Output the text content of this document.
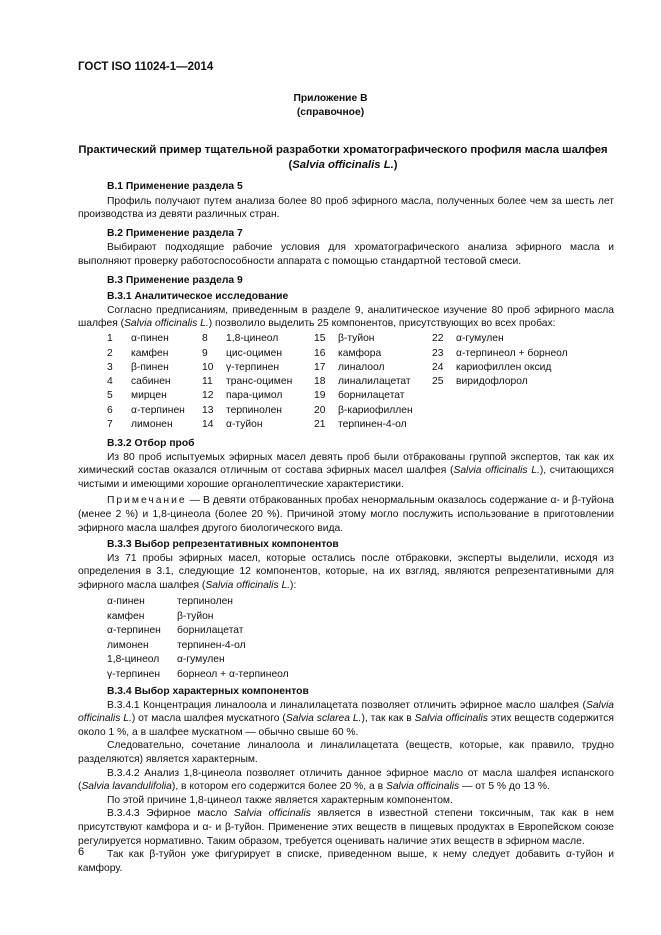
ГОСТ ISO 11024-1—2014
Приложение В
(справочное)
Практический пример тщательной разработки хроматографического профиля масла шалфея
(Salvia officinalis L.)

В.1 Применение раздела 5

Профиль получают путем анализа более 80 проб эфирного масла, полученных более чем за шесть лет производства из девяти различных стран.

В.2 Применение раздела 7

Выбирают подходящие рабочие условия для хроматографического анализа эфирного масла и выполняют проверку работоспособности аппарата с помощью стандартной тестовой смеси.

В.3 Применение раздела 9

В.3.1 Аналитическое исследование

Согласно предписаниям, приведенным в разделе 9, аналитическое изучение 80 проб эфирного масла шалфея (Salvia officinalis L.) позволило выделить 25 компонентов, присутствующих во всех пробах:

1	α-пинен	8	1,8-цинеол	15	β-туйон	22	α-гумулен
2	камфен	9	цис-оцимен	16	камфора	23	α-терпинеол + борнеол
3	β-пинен	10	γ-терпинен	17	линалоол	24	кариофиллен оксид
4	сабинен	11	транс-оцимен	18	линалилацетат	25	виридофлорол
5	мирцен	12	пара-цимол	19	борнилацетат		
6	α-терпинен	13	терпинолен	20	β-кариофиллен		
7	лимонен	14	α-туйон	21	терпинен-4-ол		

В.3.2 Отбор проб

Из 80 проб испытуемых эфирных масел девять проб были отбракованы группой экспертов, так как их химический состав оказался отличным от состава эфирных масел шалфея (Salvia officinalis L.), считающихся чистыми и имеющими хорошие органолептические характеристики.

Примечание — В девяти отбракованных пробах ненормальным оказалось содержание α- и β-туйона (менее 2 %) и 1,8-цинеола (более 20 %). Причиной этому могло послужить использование в приготовлении эфирного масла шалфея другого биологического вида.

В.3.3 Выбор репрезентативных компонентов

Из 71 пробы эфирных масел, которые остались после отбраковки, эксперты выделили, исходя из определения в 3.1, следующие 12 компонентов, которые, на их взгляд, являются репрезентативными для эфирного масла шалфея (Salvia officinalis L.):

α-пинен	терпинолен
камфен	β-туйон
α-терпинен	борнилацетат
лимонен	терпинен-4-ол
1,8-цинеол	α-гумулен
γ-терпинен	борнеол + α-терпинеол

В.3.4 Выбор характерных компонентов

В.3.4.1 Концентрация линалоола и линалилацетата позволяет отличить эфирное масло шалфея (Salvia officinalis L.) от масла шалфея мускатного (Salvia sclarea L.), так как в Salvia officinalis этих веществ содержится около 1 %, а в шалфее мускатном — обычно свыше 60 %.

Следовательно, сочетание линалоола и линалилацетата (веществ, которые, как правило, трудно разделяются) является характерным.

В.3.4.2 Анализ 1,8-цинеола позволяет отличить данное эфирное масло от масла шалфея испанского (Salvia lavandulifolia), в котором его содержится более 20 %, а в Salvia officinalis — от 5 % до 13 %.

По этой причине 1,8-цинеол также является характерным компонентом.

В.3.4.3 Эфирное масло Salvia officinalis является в известной степени токсичным, так как в нем присутствуют камфора и α- и β-туйон. Применение этих веществ в пищевых продуктах в Европейском союзе регулируется нормативно. Таким образом, требуется оценивать наличие этих веществ в эфирном масле.

Так как β-туйон уже фигурирует в списке, приведенном выше, к нему следует добавить α-туйон и камфору.

6
